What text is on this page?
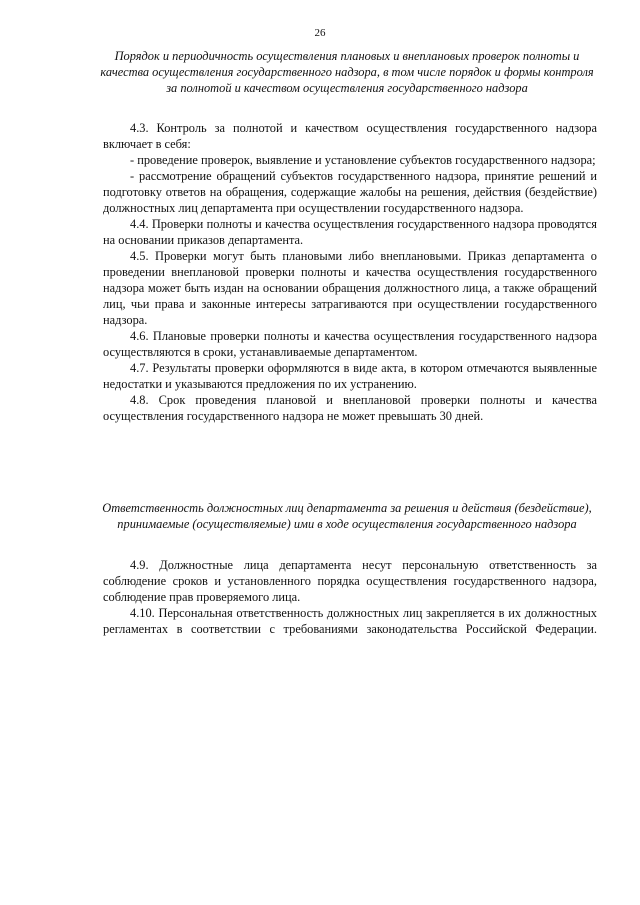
26

Порядок и периодичность осуществления плановых и внеплановых проверок полноты и качества осуществления государственного надзора, в том числе порядок и формы контроля за полнотой и качеством осуществления государственного надзора

4.3. Контроль за полнотой и качеством осуществления государственного надзора включает в себя:

- проведение проверок, выявление и установление субъектов государственного надзора;

- рассмотрение обращений субъектов государственного надзора, принятие решений и подготовку ответов на обращения, содержащие жалобы на решения, действия (бездействие) должностных лиц департамента при осуществлении государственного надзора.

4.4. Проверки полноты и качества осуществления государственного надзора проводятся на основании приказов департамента.

4.5. Проверки могут быть плановыми либо внеплановыми. Приказ департамента о проведении внеплановой проверки полноты и качества осуществления государственного надзора может быть издан на основании обращения должностного лица, а также обращений лиц, чьи права и законные интересы затрагиваются при осуществлении государственного надзора.

4.6. Плановые проверки полноты и качества осуществления государственного надзора осуществляются в сроки, устанавливаемые департаментом.

4.7. Результаты проверки оформляются в виде акта, в котором отмечаются выявленные недостатки и указываются предложения по их устранению.

4.8. Срок проведения плановой и внеплановой проверки полноты и качества осуществления государственного надзора не может превышать 30 дней.

Ответственность должностных лиц департамента за решения и действия (бездействие), принимаемые (осуществляемые) ими в ходе осуществления государственного надзора

4.9. Должностные лица департамента несут персональную ответственность за соблюдение сроков и установленного порядка осуществления государственного надзора, соблюдение прав проверяемого лица.

4.10. Персональная ответственность должностных лиц закрепляется в их должностных регламентах в соответствии с требованиями законодательства Российской Федерации.
